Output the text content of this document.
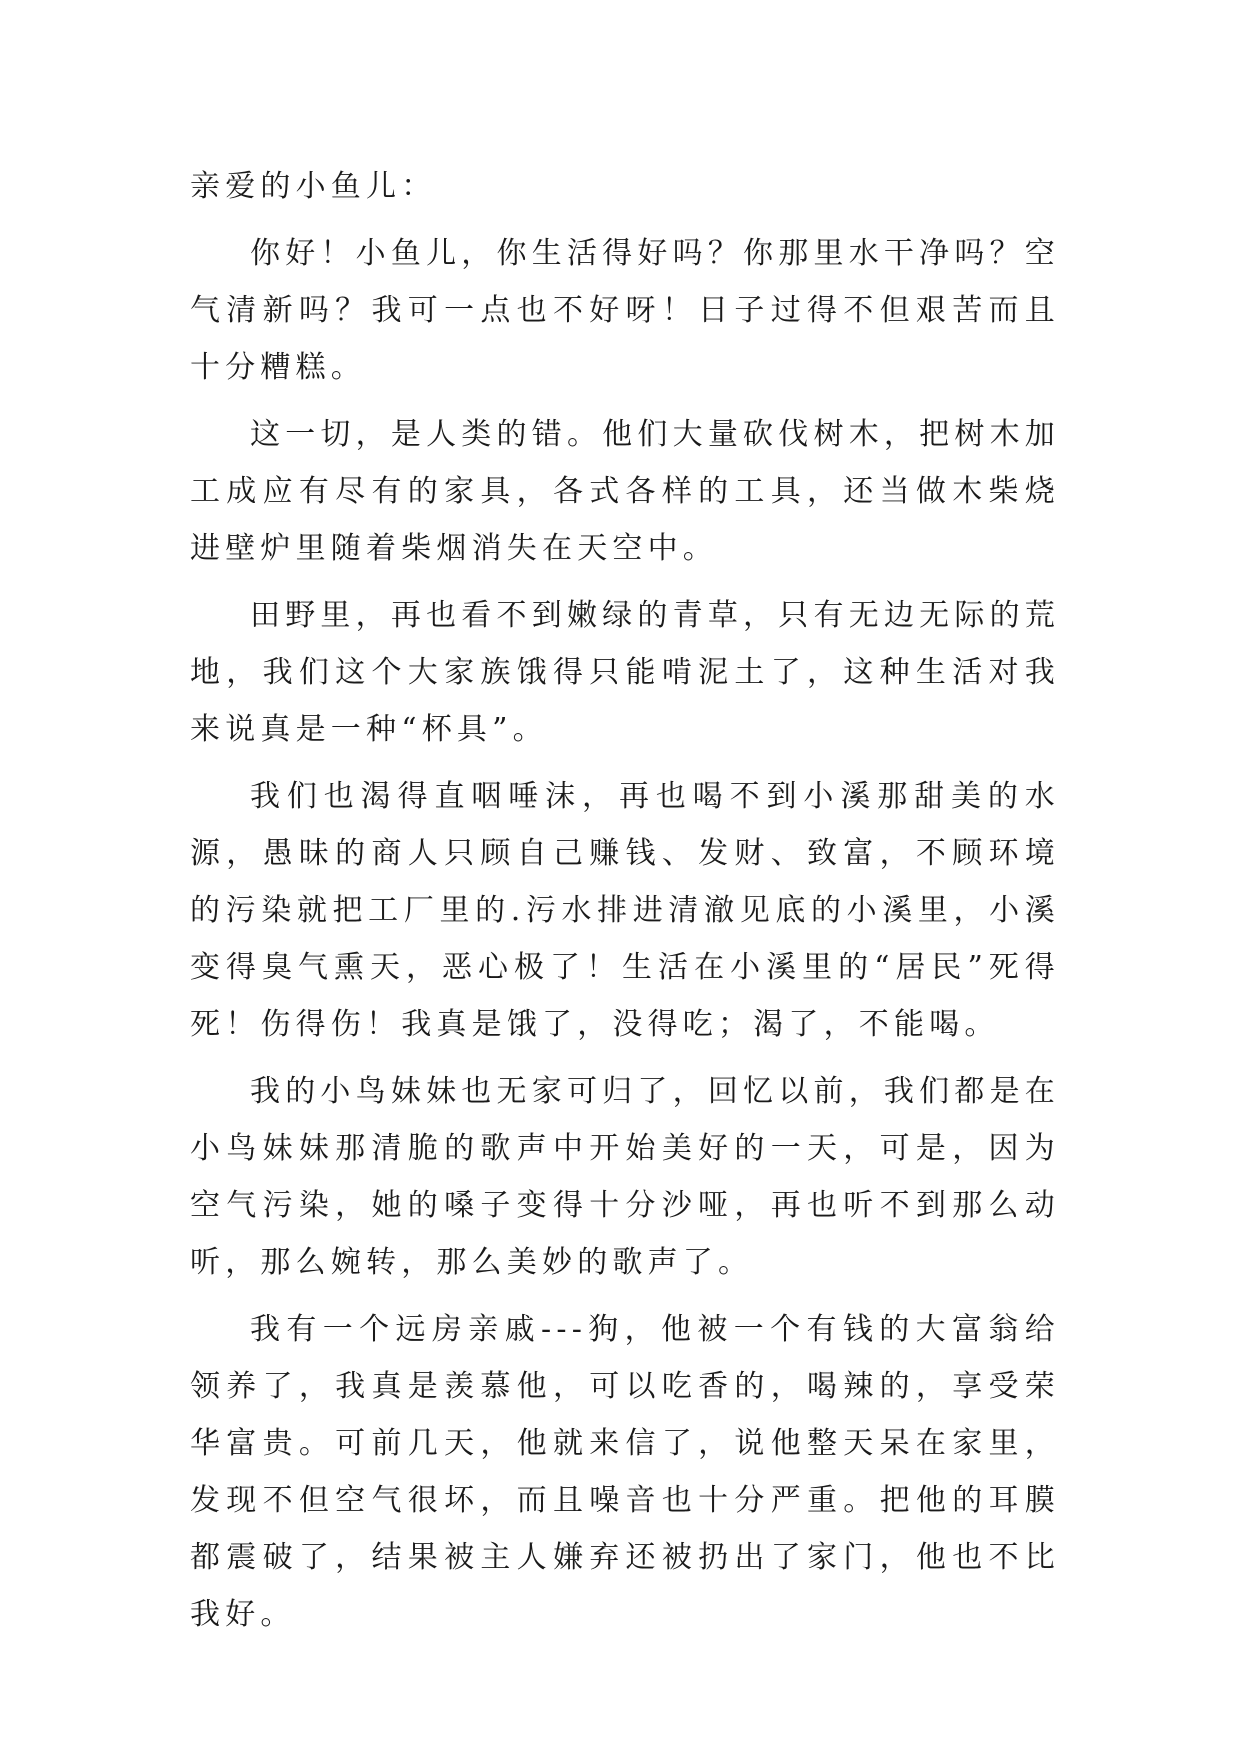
亲爱的小鱼儿：

你好！小鱼儿，你生活得好吗？你那里水干净吗？空气清新吗？我可一点也不好呀！日子过得不但艰苦而且十分糟糕。

这一切，是人类的错。他们大量砍伐树木，把树木加工成应有尽有的家具，各式各样的工具，还当做木柴烧进壁炉里随着柴烟消失在天空中。

田野里，再也看不到嫩绿的青草，只有无边无际的荒地，我们这个大家族饿得只能啃泥土了，这种生活对我来说真是一种“杯具”。

我们也渴得直咽唾沫，再也喝不到小溪那甜美的水源，愚昧的商人只顾自己赚钱、发财、致富，不顾环境的污染就把工厂里的.污水排进清澈见底的小溪里，小溪变得臭气熏天，恶心极了！生活在小溪里的“居民”死得死！伤得伤！我真是饿了，没得吃；渴了，不能喝。

我的小鸟妹妹也无家可归了，回忆以前，我们都是在小鸟妹妹那清脆的歌声中开始美好的一天，可是，因为空气污染，她的嗓子变得十分沙哑，再也听不到那么动听，那么婉转，那么美妙的歌声了。

我有一个远房亲戚---狗，他被一个有钱的大富翁给领养了，我真是羡慕他，可以吃香的，喝辣的，享受荣华富贵。可前几天，他就来信了，说他整天呆在家里，发现不但空气很坏，而且噪音也十分严重。把他的耳膜都震破了，结果被主人嫌弃还被扔出了家门，他也不比我好。
